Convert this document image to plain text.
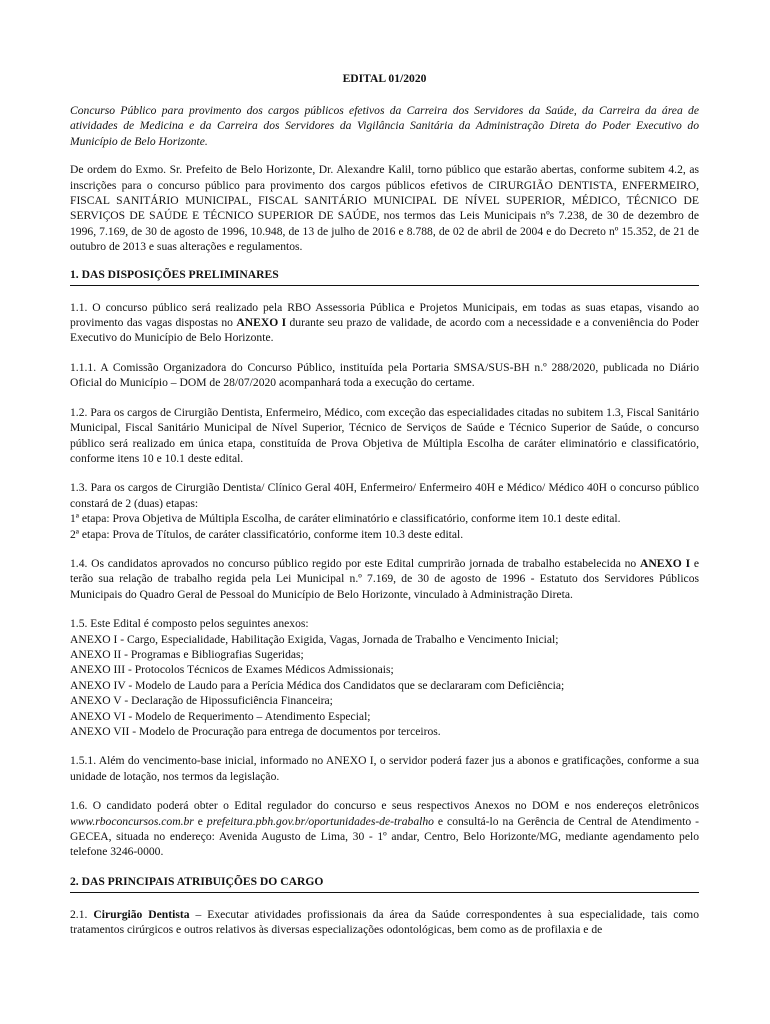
EDITAL 01/2020

Concurso Público para provimento dos cargos públicos efetivos da Carreira dos Servidores da Saúde, da Carreira da área de atividades de Medicina e da Carreira dos Servidores da Vigilância Sanitária da Administração Direta do Poder Executivo do Município de Belo Horizonte.

De ordem do Exmo. Sr. Prefeito de Belo Horizonte, Dr. Alexandre Kalil, torno público que estarão abertas, conforme subitem 4.2, as inscrições para o concurso público para provimento dos cargos públicos efetivos de CIRURGIÃO DENTISTA, ENFERMEIRO, FISCAL SANITÁRIO MUNICIPAL, FISCAL SANITÁRIO MUNICIPAL DE NÍVEL SUPERIOR, MÉDICO, TÉCNICO DE SERVIÇOS DE SAÚDE E TÉCNICO SUPERIOR DE SAÚDE, nos termos das Leis Municipais nºs 7.238, de 30 de dezembro de 1996, 7.169, de 30 de agosto de 1996, 10.948, de 13 de julho de 2016 e 8.788, de 02 de abril de 2004 e do Decreto nº 15.352, de 21 de outubro de 2013 e suas alterações e regulamentos.

1. DAS DISPOSIÇÕES PRELIMINARES

1.1. O concurso público será realizado pela RBO Assessoria Pública e Projetos Municipais, em todas as suas etapas, visando ao provimento das vagas dispostas no ANEXO I durante seu prazo de validade, de acordo com a necessidade e a conveniência do Poder Executivo do Município de Belo Horizonte.

1.1.1. A Comissão Organizadora do Concurso Público, instituída pela Portaria SMSA/SUS-BH n.º 288/2020, publicada no Diário Oficial do Município – DOM de 28/07/2020 acompanhará toda a execução do certame.

1.2. Para os cargos de Cirurgião Dentista, Enfermeiro, Médico, com exceção das especialidades citadas no subitem 1.3, Fiscal Sanitário Municipal, Fiscal Sanitário Municipal de Nível Superior, Técnico de Serviços de Saúde e Técnico Superior de Saúde, o concurso público será realizado em única etapa, constituída de Prova Objetiva de Múltipla Escolha de caráter eliminatório e classificatório, conforme itens 10 e 10.1 deste edital.

1.3. Para os cargos de Cirurgião Dentista/ Clínico Geral 40H, Enfermeiro/ Enfermeiro 40H e Médico/ Médico 40H o concurso público constará de 2 (duas) etapas:

1ª etapa: Prova Objetiva de Múltipla Escolha, de caráter eliminatório e classificatório, conforme item 10.1 deste edital.

2ª etapa: Prova de Títulos, de caráter classificatório, conforme item 10.3 deste edital.

1.4. Os candidatos aprovados no concurso público regido por este Edital cumprirão jornada de trabalho estabelecida no ANEXO I e terão sua relação de trabalho regida pela Lei Municipal n.º 7.169, de 30 de agosto de 1996 - Estatuto dos Servidores Públicos Municipais do Quadro Geral de Pessoal do Município de Belo Horizonte, vinculado à Administração Direta.

1.5. Este Edital é composto pelos seguintes anexos:

ANEXO I - Cargo, Especialidade, Habilitação Exigida, Vagas, Jornada de Trabalho e Vencimento Inicial;

ANEXO II - Programas e Bibliografias Sugeridas;

ANEXO III - Protocolos Técnicos de Exames Médicos Admissionais;

ANEXO IV - Modelo de Laudo para a Perícia Médica dos Candidatos que se declararam com Deficiência;

ANEXO V - Declaração de Hipossuficiência Financeira;

ANEXO VI - Modelo de Requerimento – Atendimento Especial;

ANEXO VII - Modelo de Procuração para entrega de documentos por terceiros.

1.5.1. Além do vencimento-base inicial, informado no ANEXO I, o servidor poderá fazer jus a abonos e gratificações, conforme a sua unidade de lotação, nos termos da legislação.

1.6. O candidato poderá obter o Edital regulador do concurso e seus respectivos Anexos no DOM e nos endereços eletrônicos www.rboconcursos.com.br e prefeitura.pbh.gov.br/oportunidades-de-trabalho e consultá-lo na Gerência de Central de Atendimento - GECEA, situada no endereço: Avenida Augusto de Lima, 30 - 1º andar, Centro, Belo Horizonte/MG, mediante agendamento pelo telefone 3246-0000.

2. DAS PRINCIPAIS ATRIBUIÇÕES DO CARGO

2.1. Cirurgião Dentista – Executar atividades profissionais da área da Saúde correspondentes à sua especialidade, tais como tratamentos cirúrgicos e outros relativos às diversas especializações odontológicas, bem como as de profilaxia e de
